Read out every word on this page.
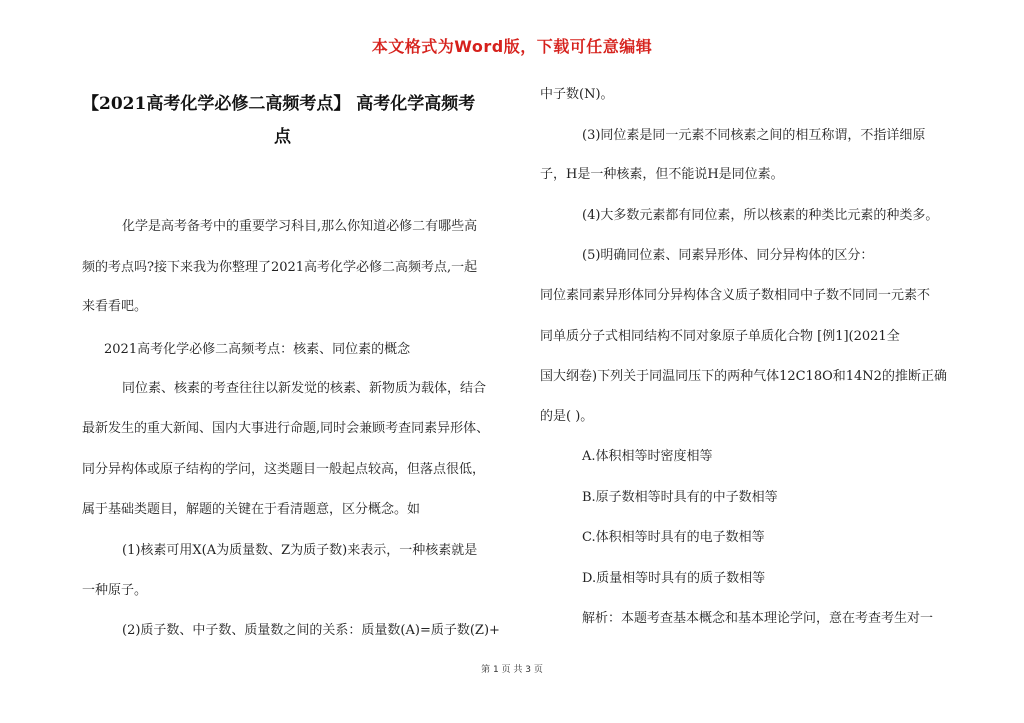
本文格式为Word版，下载可任意编辑
【2021高考化学必修二高频考点】 高考化学高频考
点
化学是高考备考中的重要学习科目,那么你知道必修二有哪些高
频的考点吗?接下来我为你整理了2021高考化学必修二高频考点,一起
来看看吧。
2021高考化学必修二高频考点：核素、同位素的概念
同位素、核素的考查往往以新发觉的核素、新物质为载体，结合
最新发生的重大新闻、国内大事进行命题,同时会兼顾考查同素异形体、
同分异构体或原子结构的学问，这类题目一般起点较高，但落点很低，
属于基础类题目，解题的关键在于看清题意，区分概念。如
(1)核素可用X(A为质量数、Z为质子数)来表示，一种核素就是
一种原子。
(2)质子数、中子数、质量数之间的关系：质量数(A)=质子数(Z)+
中子数(N)。
(3)同位素是同一元素不同核素之间的相互称谓，不指详细原
子，H是一种核素，但不能说H是同位素。
(4)大多数元素都有同位素，所以核素的种类比元素的种类多。
(5)明确同位素、同素异形体、同分异构体的区分：
同位素同素异形体同分异构体含义质子数相同中子数不同同一元素不
同单质分子式相同结构不同对象原子单质化合物 [例1](2021全
国大纲卷)下列关于同温同压下的两种气体12C18O和14N2的推断正确
的是( )。
A.体积相等时密度相等
B.原子数相等时具有的中子数相等
C.体积相等时具有的电子数相等
D.质量相等时具有的质子数相等
解析：本题考查基本概念和基本理论学问，意在考查考生对一
第 1 页 共 3 页
